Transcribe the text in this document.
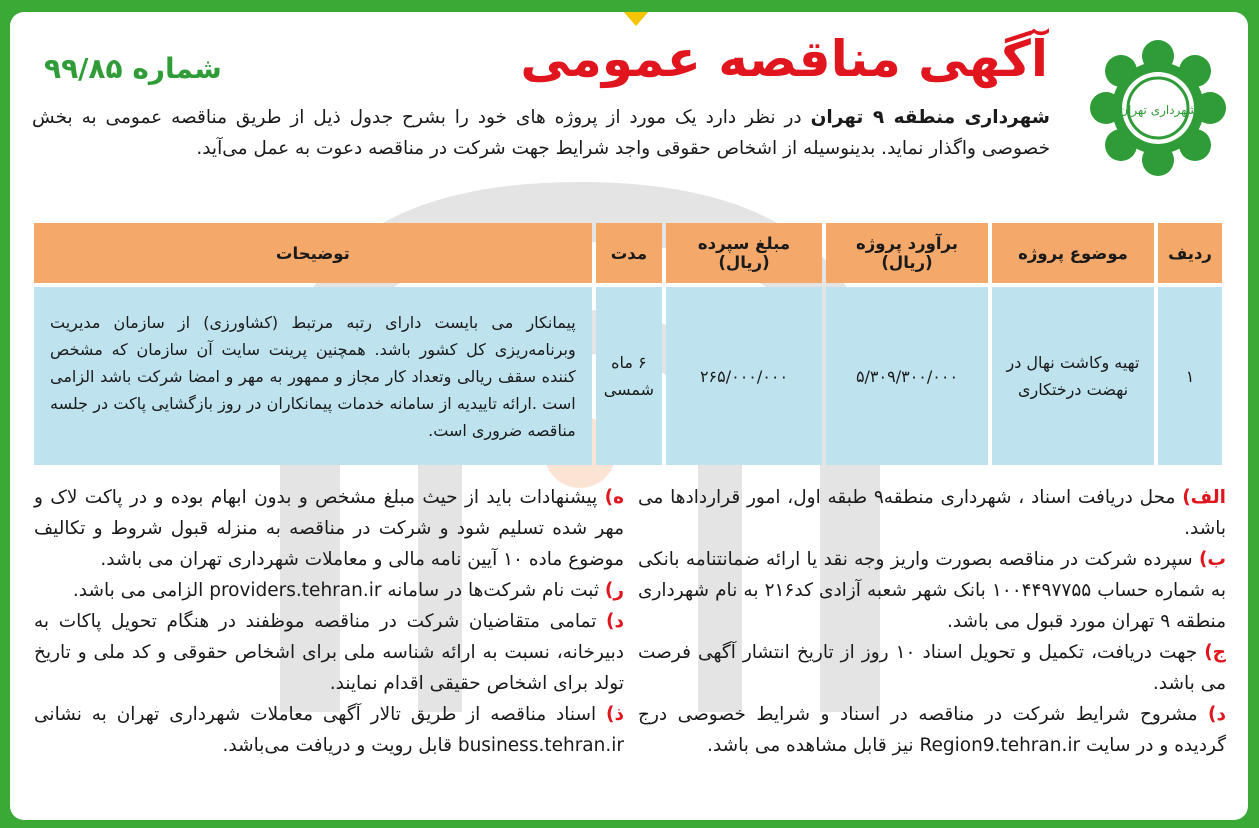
شهرداری تهران
آگهی مناقصه عمومی
شماره ۹۹/۸۵

شهرداری منطقه ۹ تهران در نظر دارد یک مورد از پروژه های خود را بشرح جدول ذیل از طریق مناقصه عمومی به بخش خصوصی واگذار نماید. بدینوسیله از اشخاص حقوقی واجد شرایط جهت شرکت در مناقصه دعوت به عمل می‌آید.

ردیف	موضوع پروژه	برآورد پروژه (ریال)	مبلغ سپرده (ریال)	مدت	توضیحات
۱	تهیه وکاشت نهال در نهضت درختکاری	۵/۳۰۹/۳۰۰/۰۰۰	۲۶۵/۰۰۰/۰۰۰	۶ ماه شمسی	پیمانکار می بایست دارای رتبه مرتبط (کشاورزی) از سازمان مدیریت وبرنامه‌ریزی کل کشور باشد. همچنین پرینت سایت آن سازمان که مشخص کننده سقف ریالی وتعداد کار مجاز و ممهور به مهر و امضا شرکت باشد الزامی است .ارائه تاییدیه از سامانه خدمات پیمانکاران در روز بازگشایی پاکت در جلسه مناقصه ضروری است.

الف) محل دریافت اسناد ، شهرداری منطقه۹ طبقه اول، امور قراردادها می باشد.

ب) سپرده شرکت در مناقصه بصورت واریز وجه نقد یا ارائه ضمانتنامه بانکی به شماره حساب ۱۰۰۴۴۹۷۷۵۵ بانک شهر شعبه آزادی کد۲۱۶ به نام شهرداری منطقه ۹ تهران مورد قبول می باشد.

ج) جهت دریافت، تکمیل و تحویل اسناد ۱۰ روز از تاریخ انتشار آگهی فرصت می باشد.

د) مشروح شرایط شرکت در مناقصه در اسناد و شرایط خصوصی درج گردیده و در سایت Region9.tehran.ir نیز قابل مشاهده می باشد.

ه) پیشنهادات باید از حیث مبلغ مشخص و بدون ابهام بوده و در پاکت لاک و مهر شده تسلیم شود و شرکت در مناقصه به منزله قبول شروط و تکالیف موضوع ماده ۱۰ آیین نامه مالی و معاملات شهرداری تهران می باشد.

ر) ثبت نام شرکت‌ها در سامانه providers.tehran.ir الزامی می باشد.

د) تمامی متقاضیان شرکت در مناقصه موظفند در هنگام تحویل پاکات به دبیرخانه، نسبت به ارائه شناسه ملی برای اشخاص حقوقی و کد ملی و تاریخ تولد برای اشخاص حقیقی اقدام نمایند.

ذ) اسناد مناقصه از طریق تالار آگهی معاملات شهرداری تهران به نشانی business.tehran.ir قابل رویت و دریافت می‌باشد.
